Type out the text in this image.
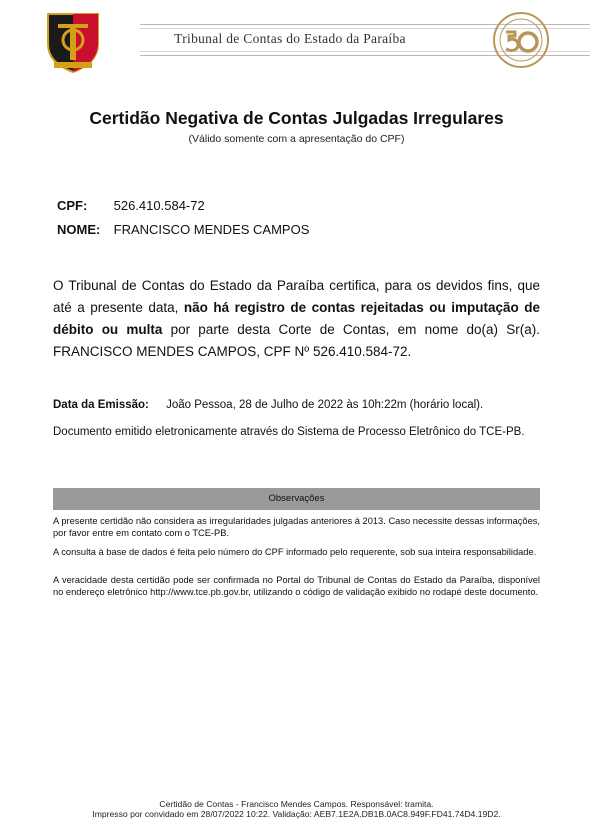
Tribunal de Contas do Estado da Paraíba
Certidão Negativa de Contas Julgadas Irregulares
(Válido somente com a apresentação do CPF)
CPF: 526.410.584-72
NOME: FRANCISCO MENDES CAMPOS
O Tribunal de Contas do Estado da Paraíba certifica, para os devidos fins, que até a presente data, não há registro de contas rejeitadas ou imputação de débito ou multa por parte desta Corte de Contas, em nome do(a) Sr(a). FRANCISCO MENDES CAMPOS, CPF Nº 526.410.584-72.
Data da Emissão: João Pessoa, 28 de Julho de 2022 às 10h:22m (horário local).
Documento emitido eletronicamente através do Sistema de Processo Eletrônico do TCE-PB.
Observações

A presente certidão não considera as irregularidades julgadas anteriores à 2013. Caso necessite dessas informações, por favor entre em contato com o TCE-PB.

A consulta à base de dados é feita pelo número do CPF informado pelo requerente, sob sua inteira responsabilidade.

A veracidade desta certidão pode ser confirmada no Portal do Tribunal de Contas do Estado da Paraíba, disponível no endereço eletrônico http://www.tce.pb.gov.br, utilizando o código de validação exibido no rodapé deste documento.

Certidão de Contas - Francisco Mendes Campos. Responsável: tramita.
Impresso por convidado em 28/07/2022 10:22. Validação: AEB7.1E2A.DB1B.0AC8.949F.FD41.74D4.19D2.
